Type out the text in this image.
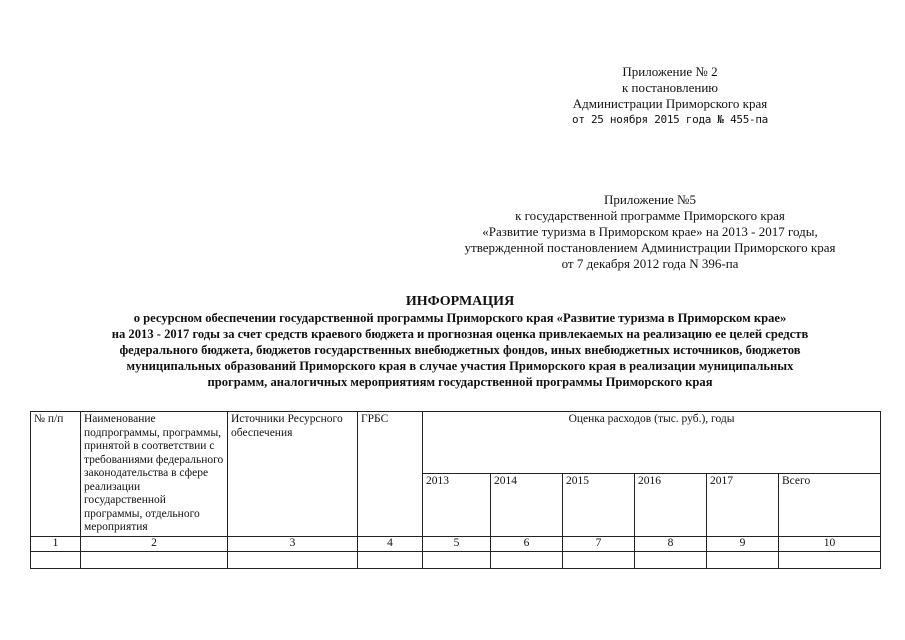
Приложение № 2
к постановлению
Администрации Приморского края
от 25 ноября 2015 года № 455-па
Приложение №5
к государственной программе Приморского края
«Развитие туризма в Приморском крае» на 2013 - 2017 годы,
утвержденной постановлением Администрации Приморского края
от 7 декабря 2012 года N 396-па
ИНФОРМАЦИЯ
о ресурсном обеспечении государственной программы Приморского края «Развитие туризма в Приморском крае»
на 2013 - 2017 годы за счет средств краевого бюджета и прогнозная оценка привлекаемых на реализацию ее целей средств
федерального бюджета, бюджетов государственных внебюджетных фондов, иных внебюджетных источников, бюджетов
муниципальных образований Приморского края в случае участия Приморского края в реализации муниципальных
программ, аналогичных мероприятиям государственной программы Приморского края
№ п/п	Наименование подпрограммы, программы, принятой в соответствии с требованиями федерального законодательства в сфере реализации государственной программы, отдельного мероприятия	Источники Ресурсного обеспечения	ГРБС	Оценка расходов (тыс. руб.), годы					
				2013	2014	2015	2016	2017	Всего
1	2	3	4	5	6	7	8	9	10
